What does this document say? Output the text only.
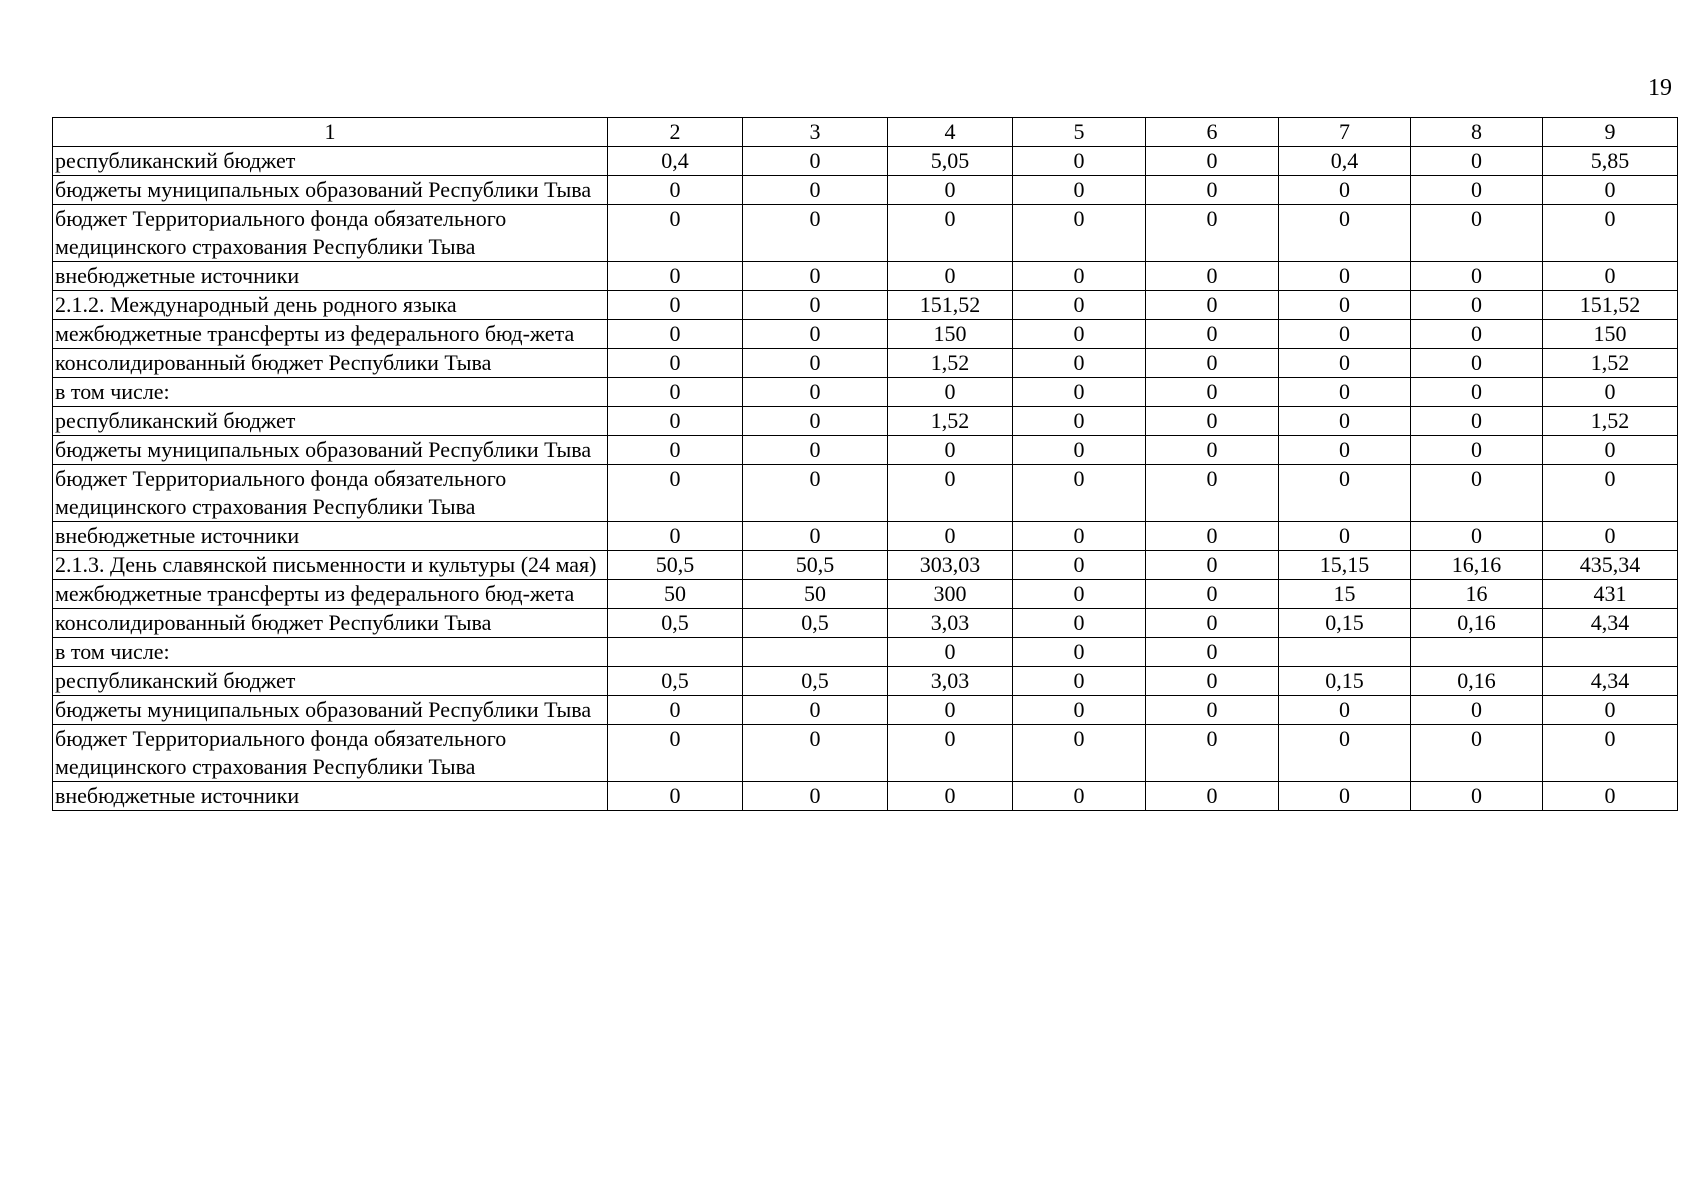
19
1	2	3	4	5	6	7	8	9
республиканский бюджет	0,4	0	5,05	0	0	0,4	0	5,85
бюджеты муниципальных образований Республики Тыва	0	0	0	0	0	0	0	0
бюджет Территориального фонда обязательного медицинского страхования Республики Тыва	0	0	0	0	0	0	0	0
внебюджетные источники	0	0	0	0	0	0	0	0
2.1.2. Международный день родного языка	0	0	151,52	0	0	0	0	151,52
межбюджетные трансферты из федерального бюд-жета	0	0	150	0	0	0	0	150
консолидированный бюджет Республики Тыва	0	0	1,52	0	0	0	0	1,52
в том числе:	0	0	0	0	0	0	0	0
республиканский бюджет	0	0	1,52	0	0	0	0	1,52
бюджеты муниципальных образований Республики Тыва	0	0	0	0	0	0	0	0
бюджет Территориального фонда обязательного медицинского страхования Республики Тыва	0	0	0	0	0	0	0	0
внебюджетные источники	0	0	0	0	0	0	0	0
2.1.3. День славянской письменности и культуры (24 мая)	50,5	50,5	303,03	0	0	15,15	16,16	435,34
межбюджетные трансферты из федерального бюд-жета	50	50	300	0	0	15	16	431
консолидированный бюджет Республики Тыва	0,5	0,5	3,03	0	0	0,15	0,16	4,34
в том числе:			0	0	0			
республиканский бюджет	0,5	0,5	3,03	0	0	0,15	0,16	4,34
бюджеты муниципальных образований Республики Тыва	0	0	0	0	0	0	0	0
бюджет Территориального фонда обязательного медицинского страхования Республики Тыва	0	0	0	0	0	0	0	0
внебюджетные источники	0	0	0	0	0	0	0	0
